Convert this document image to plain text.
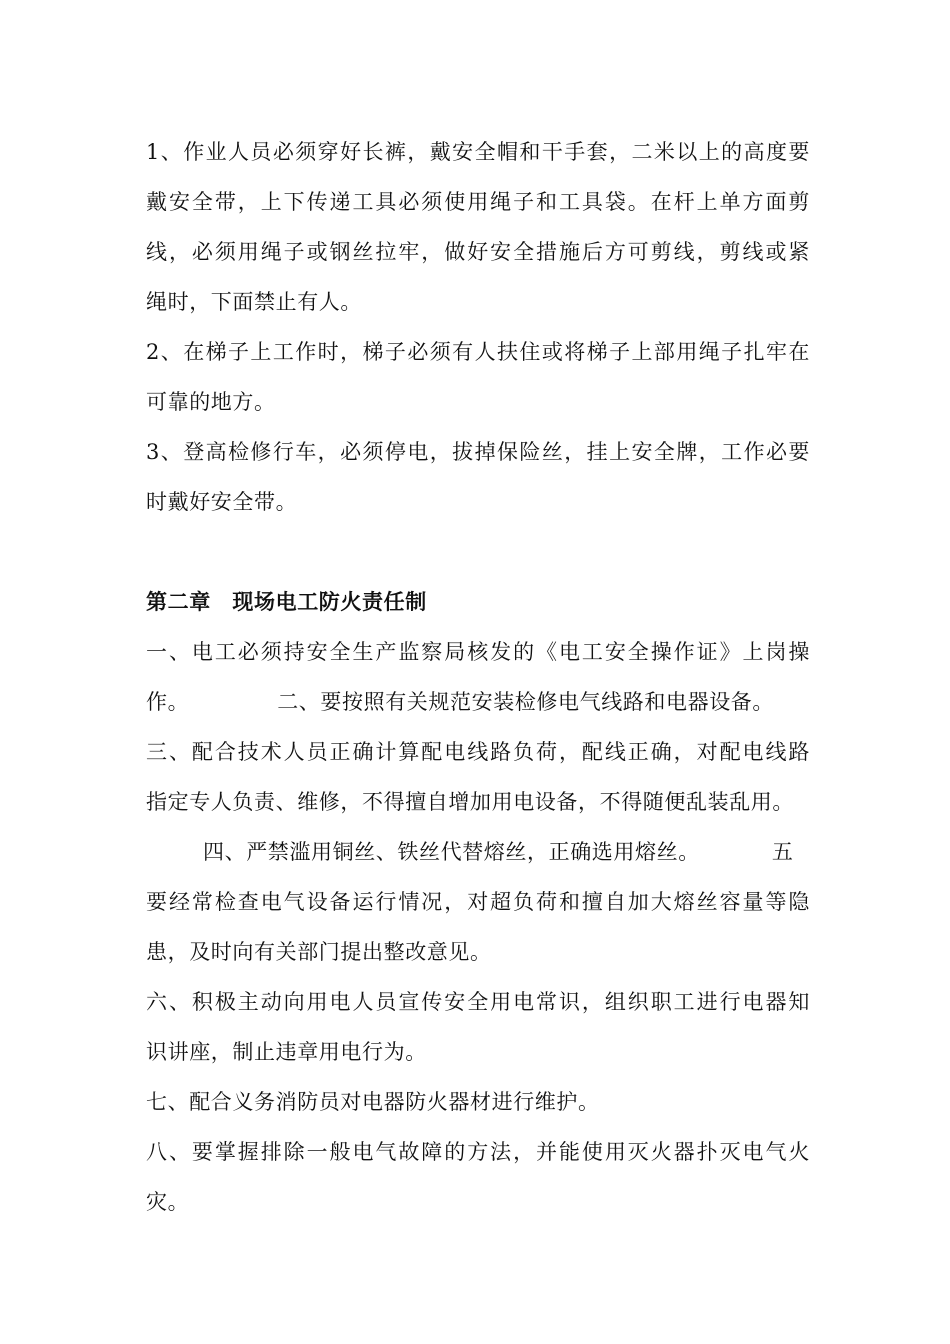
1、作业人员必须穿好长裤，戴安全帽和干手套，二米以上的高度要
戴安全带，上下传递工具必须使用绳子和工具袋。在杆上单方面剪
线，必须用绳子或钢丝拉牢，做好安全措施后方可剪线，剪线或紧
绳时，下面禁止有人。
2、在梯子上工作时，梯子必须有人扶住或将梯子上部用绳子扎牢在
可靠的地方。
3、登高检修行车，必须停电，拔掉保险丝，挂上安全牌，工作必要
时戴好安全带。
第二章　现场电工防火责任制
一、电工必须持安全生产监察局核发的《电工安全操作证》上岗操
作。	二、要按照有关规范安装检修电气线路和电器设备。
三、配合技术人员正确计算配电线路负荷，配线正确，对配电线路
指定专人负责、维修，不得擅自增加用电设备，不得随便乱装乱用。
四、严禁滥用铜丝、铁丝代替熔丝，正确选用熔丝。	五
要经常检查电气设备运行情况，对超负荷和擅自加大熔丝容量等隐
患，及时向有关部门提出整改意见。
六、积极主动向用电人员宣传安全用电常识，组织职工进行电器知
识讲座，制止违章用电行为。
七、配合义务消防员对电器防火器材进行维护。
八、要掌握排除一般电气故障的方法，并能使用灭火器扑灭电气火
灾。
